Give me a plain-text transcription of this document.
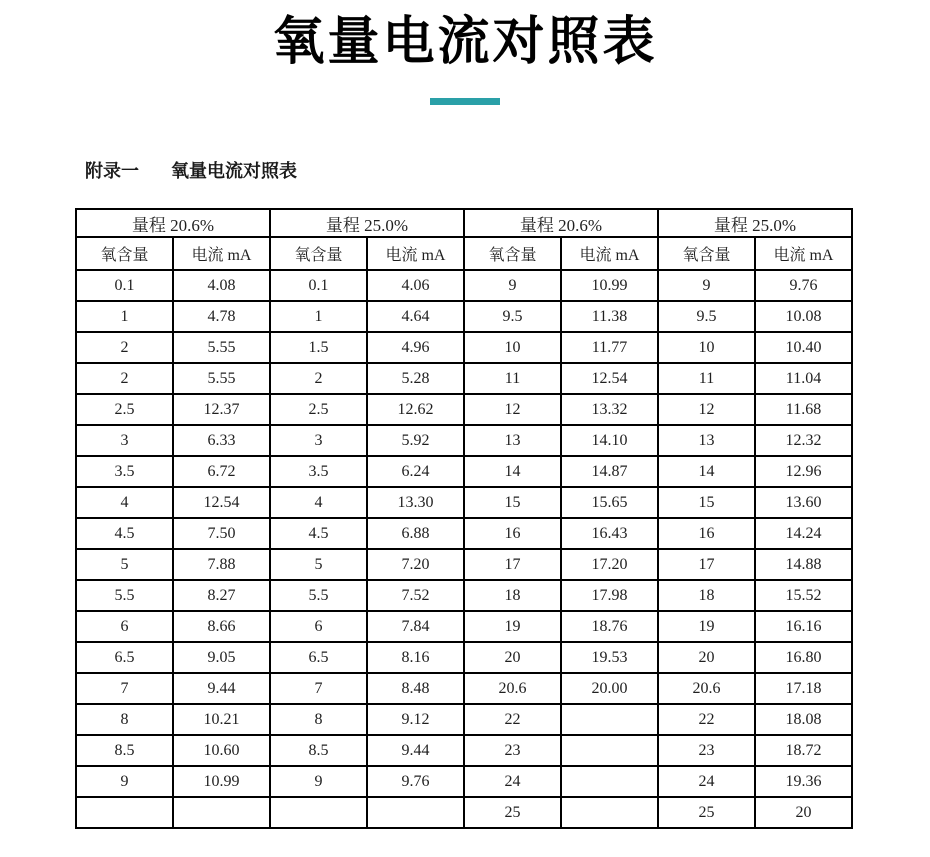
氧量电流对照表
附录一 氧量电流对照表
量程 20.6%		量程 25.0%		量程 20.6%		量程 25.0%	
氧含量	电流 mA	氧含量	电流 mA	氧含量	电流 mA	氧含量	电流 mA
0.1	4.08	0.1	4.06	9	10.99	9	9.76
1	4.78	1	4.64	9.5	11.38	9.5	10.08
2	5.55	1.5	4.96	10	11.77	10	10.40
2	5.55	2	5.28	11	12.54	11	11.04
2.5	12.37	2.5	12.62	12	13.32	12	11.68
3	6.33	3	5.92	13	14.10	13	12.32
3.5	6.72	3.5	6.24	14	14.87	14	12.96
4	12.54	4	13.30	15	15.65	15	13.60
4.5	7.50	4.5	6.88	16	16.43	16	14.24
5	7.88	5	7.20	17	17.20	17	14.88
5.5	8.27	5.5	7.52	18	17.98	18	15.52
6	8.66	6	7.84	19	18.76	19	16.16
6.5	9.05	6.5	8.16	20	19.53	20	16.80
7	9.44	7	8.48	20.6	20.00	20.6	17.18
8	10.21	8	9.12	22		22	18.08
8.5	10.60	8.5	9.44	23		23	18.72
9	10.99	9	9.76	24		24	19.36
				25		25	20
